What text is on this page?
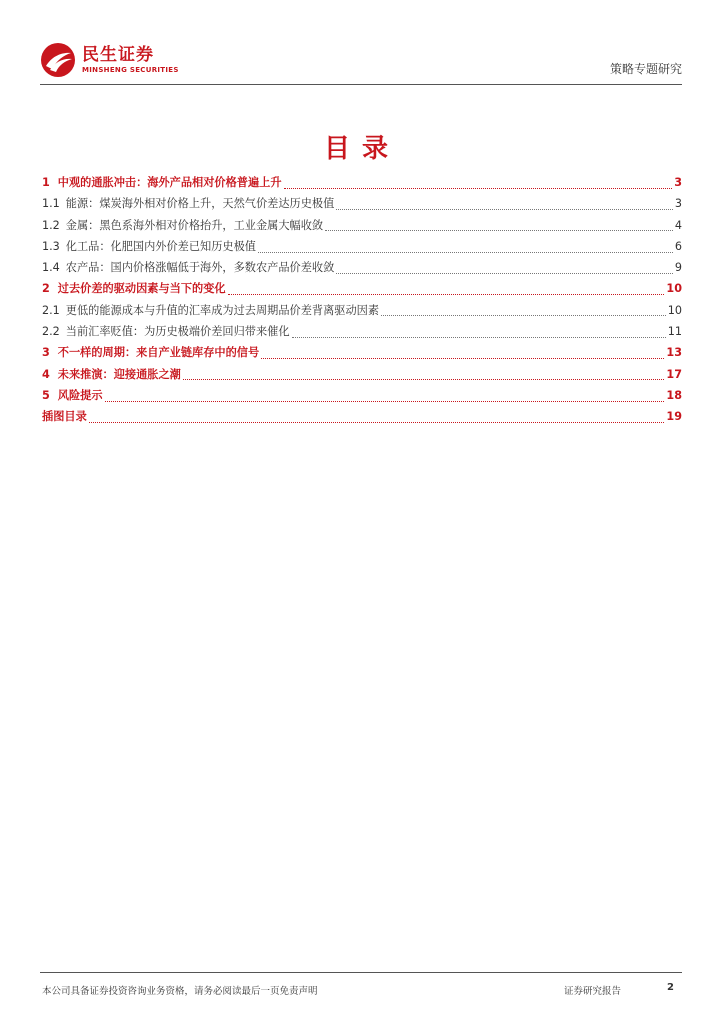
民生证券
MINSHENG SECURITIES	策略专题研究
目录
1 中观的通胀冲击：海外产品相对价格普遍上升	3
1.1 能源：煤炭海外相对价格上升，天然气价差达历史极值	3
1.2 金属：黑色系海外相对价格抬升，工业金属大幅收敛	4
1.3 化工品：化肥国内外价差已知历史极值	6
1.4 农产品：国内价格涨幅低于海外，多数农产品价差收敛	9
2 过去价差的驱动因素与当下的变化	10
2.1 更低的能源成本与升值的汇率成为过去周期品价差背离驱动因素	10
2.2 当前汇率贬值：为历史极端价差回归带来催化	11
3 不一样的周期：来自产业链库存中的信号	13
4 未来推演：迎接通胀之潮	17
5 风险提示	18
插图目录	19
本公司具备证券投资咨询业务资格，请务必阅读最后一页免责声明	证券研究报告	2
